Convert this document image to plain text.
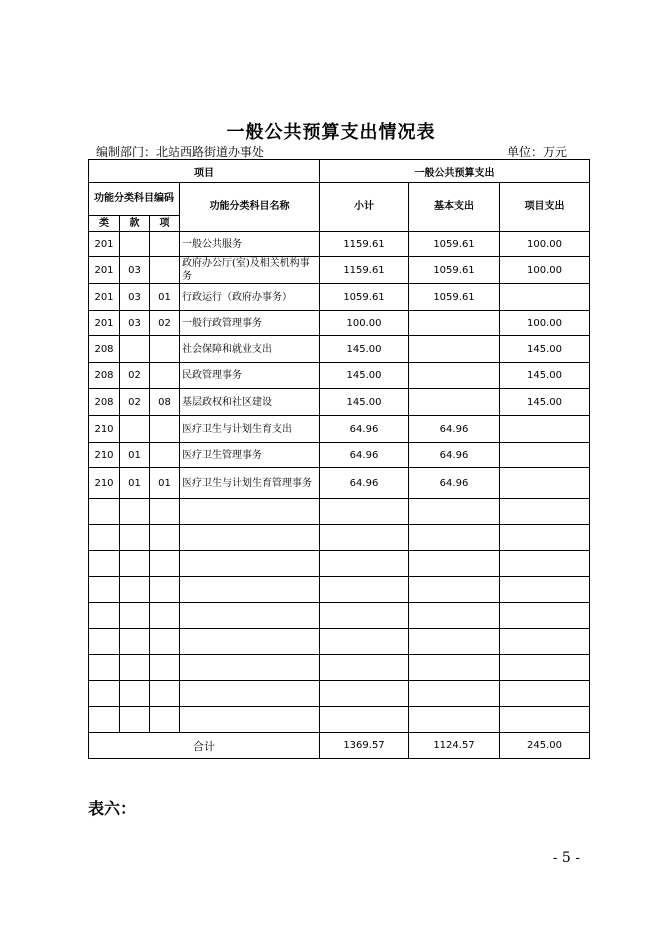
一般公共预算支出情况表
编制部门：北站西路街道办事处	单位：万元
项目				一般公共预算支出		
功能分类科目编码			功能分类科目名称	小计	基本支出	项目支出
类	款	项				
201			一般公共服务	1159.61	1059.61	100.00
201	03		政府办公厅(室)及相关机构事务	1159.61	1059.61	100.00
201	03	01	行政运行（政府办事务）	1059.61	1059.61	
201	03	02	一般行政管理事务	100.00		100.00
208			社会保障和就业支出	145.00		145.00
208	02		民政管理事务	145.00		145.00
208	02	08	基层政权和社区建设	145.00		145.00
210			医疗卫生与计划生育支出	64.96	64.96	
210	01		医疗卫生管理事务	64.96	64.96	
210	01	01	医疗卫生与计划生育管理事务	64.96	64.96	

合计				1369.57	1124.57	245.00
表六：
- 5 -
